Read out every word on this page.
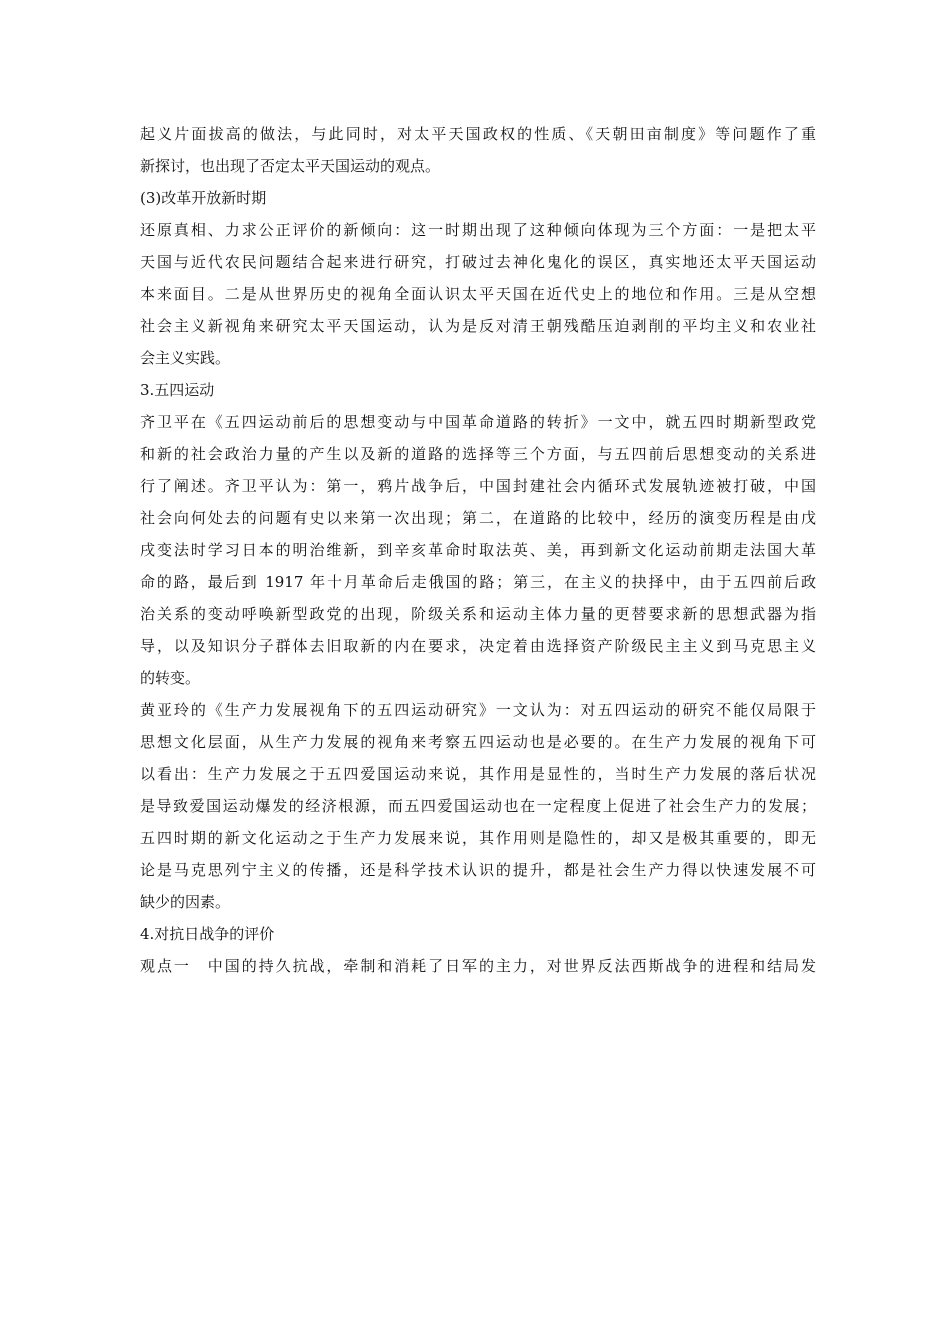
起义片面拔高的做法，与此同时，对太平天国政权的性质、《天朝田亩制度》等问题作了重
新探讨，也出现了否定太平天国运动的观点。
(3)改革开放新时期
还原真相、力求公正评价的新倾向：这一时期出现了这种倾向体现为三个方面：一是把太平
天国与近代农民问题结合起来进行研究，打破过去神化鬼化的误区，真实地还太平天国运动
本来面目。二是从世界历史的视角全面认识太平天国在近代史上的地位和作用。三是从空想
社会主义新视角来研究太平天国运动，认为是反对清王朝残酷压迫剥削的平均主义和农业社
会主义实践。
3.五四运动
齐卫平在《五四运动前后的思想变动与中国革命道路的转折》一文中，就五四时期新型政党
和新的社会政治力量的产生以及新的道路的选择等三个方面，与五四前后思想变动的关系进
行了阐述。齐卫平认为：第一，鸦片战争后，中国封建社会内循环式发展轨迹被打破，中国
社会向何处去的问题有史以来第一次出现；第二，在道路的比较中，经历的演变历程是由戊
戌变法时学习日本的明治维新，到辛亥革命时取法英、美，再到新文化运动前期走法国大革
命的路，最后到 1917 年十月革命后走俄国的路；第三，在主义的抉择中，由于五四前后政
治关系的变动呼唤新型政党的出现，阶级关系和运动主体力量的更替要求新的思想武器为指
导，以及知识分子群体去旧取新的内在要求，决定着由选择资产阶级民主主义到马克思主义
的转变。
黄亚玲的《生产力发展视角下的五四运动研究》一文认为：对五四运动的研究不能仅局限于
思想文化层面，从生产力发展的视角来考察五四运动也是必要的。在生产力发展的视角下可
以看出：生产力发展之于五四爱国运动来说，其作用是显性的，当时生产力发展的落后状况
是导致爱国运动爆发的经济根源，而五四爱国运动也在一定程度上促进了社会生产力的发展；
五四时期的新文化运动之于生产力发展来说，其作用则是隐性的，却又是极其重要的，即无
论是马克思列宁主义的传播，还是科学技术认识的提升，都是社会生产力得以快速发展不可
缺少的因素。
4.对抗日战争的评价
观点一　中国的持久抗战，牵制和消耗了日军的主力，对世界反法西斯战争的进程和结局发
